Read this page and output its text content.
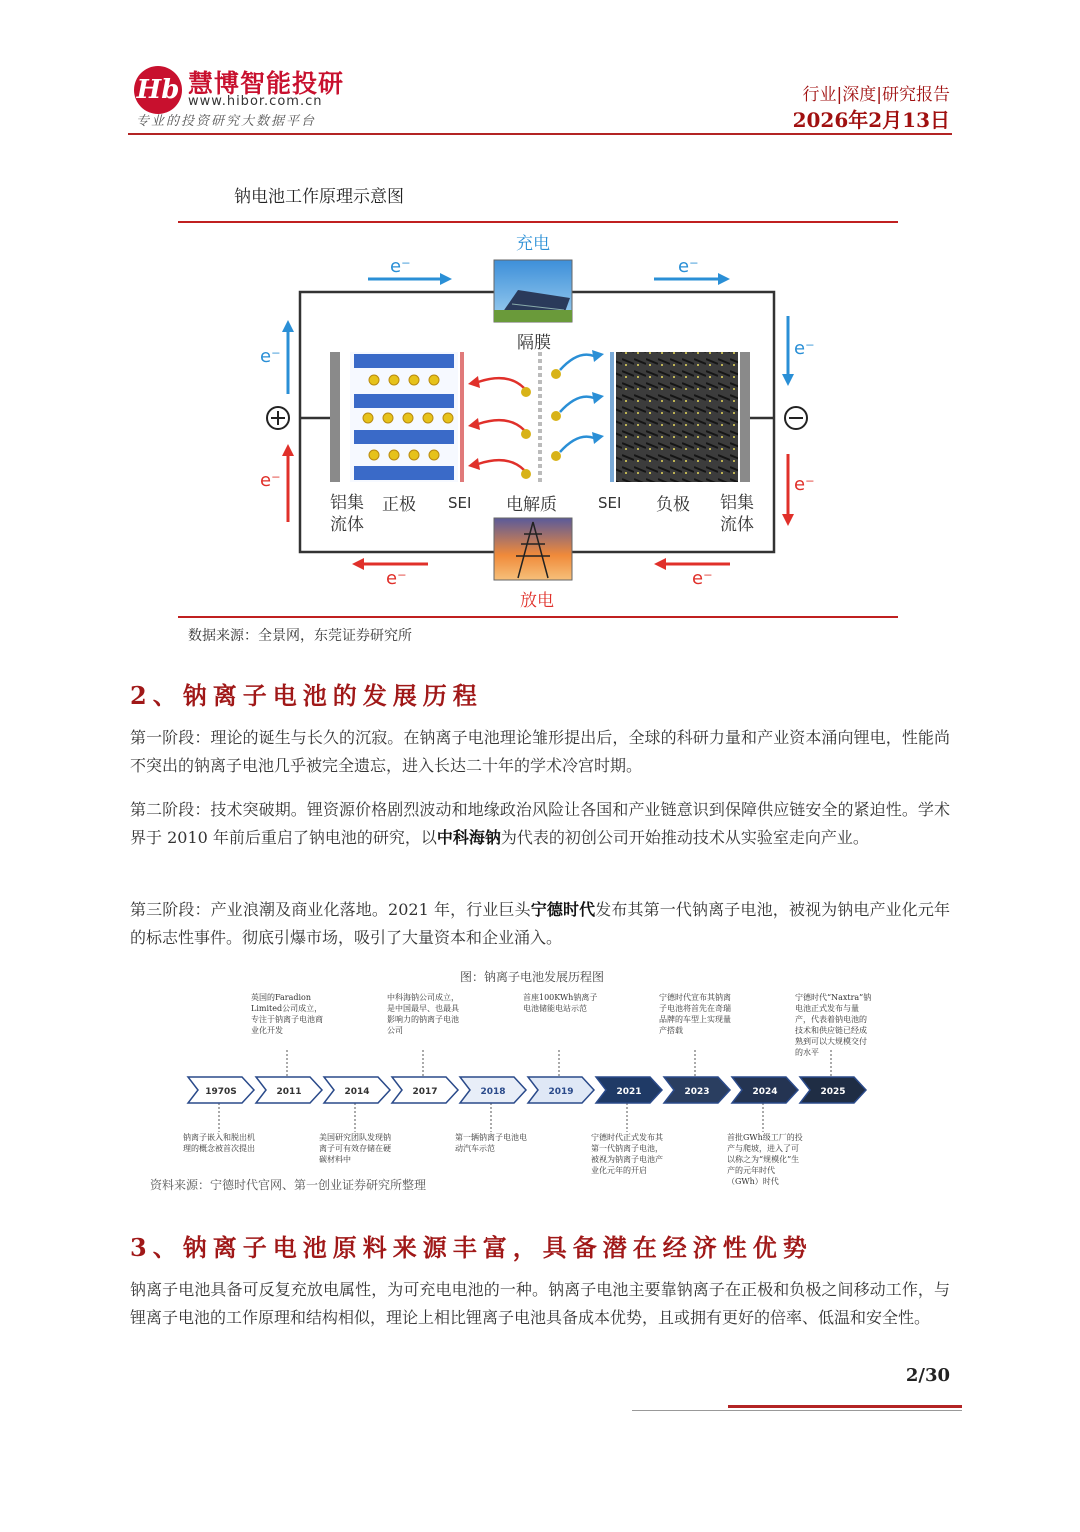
Hb 慧博智能投研
www.hibor.com.cn
专业的投资研究大数据平台
行业|深度|研究报告
2026年2月13日
钠电池工作原理示意图
充电
放电
e⁻	e⁻
e⁻	e⁻
e⁻
e⁻
e⁻
e⁻
隔膜
铝集
流体
正极 SEI 电解质	SEI 负极 铝集
流体
数据来源：全景网，东莞证券研究所
2、钠离子电池的发展历程
第一阶段：理论的诞生与长久的沉寂。在钠离子电池理论雏形提出后，全球的科研力量和产业资本涌向锂电，性能尚不突出的钠离子电池几乎被完全遗忘，进入长达二十年的学术冷宫时期。
第二阶段：技术突破期。锂资源价格剧烈波动和地缘政治风险让各国和产业链意识到保障供应链安全的紧迫性。学术界于 2010 年前后重启了钠电池的研究，以中科海钠为代表的初创公司开始推动技术从实验室走向产业。
第三阶段：产业浪潮及商业化落地。2021 年，行业巨头宁德时代发布其第一代钠离子电池，被视为钠电产业化元年的标志性事件。彻底引爆市场，吸引了大量资本和企业涌入。
图：钠离子电池发展历程图
1970S	2011	2014	2017	2018	2019	2021	2023	2024	2025
英国的Faradion Limited公司成立，专注于钠离子电池商业化开发
中科海钠公司成立，是中国最早、也最具影响力的钠离子电池公司
首座100KWh钠离子电池储能电站示范
宁德时代宣布其钠离子电池将首先在奇瑞品牌的车型上实现量产搭载
宁德时代“Naxtra”钠电池正式发布与量产，代表着钠电池的技术和供应链已经成熟到可以大规模交付的水平
钠离子嵌入和脱出机理的概念被首次提出
美国研究团队发现钠离子可有效存储在硬碳材料中
第一辆钠离子电池电动汽车示范
宁德时代正式发布其第一代钠离子电池，被视为钠离子电池产业化元年的开启
首批GWh级工厂的投产与爬坡，进入了可以称之为“规模化”生产的元年时代（GWh）时代
资料来源：宁德时代官网、第一创业证券研究所整理
3、钠离子电池原料来源丰富，具备潜在经济性优势
钠离子电池具备可反复充放电属性，为可充电电池的一种。钠离子电池主要靠钠离子在正极和负极之间移动工作，与锂离子电池的工作原理和结构相似，理论上相比锂离子电池具备成本优势，且或拥有更好的倍率、低温和安全性。
2/30
